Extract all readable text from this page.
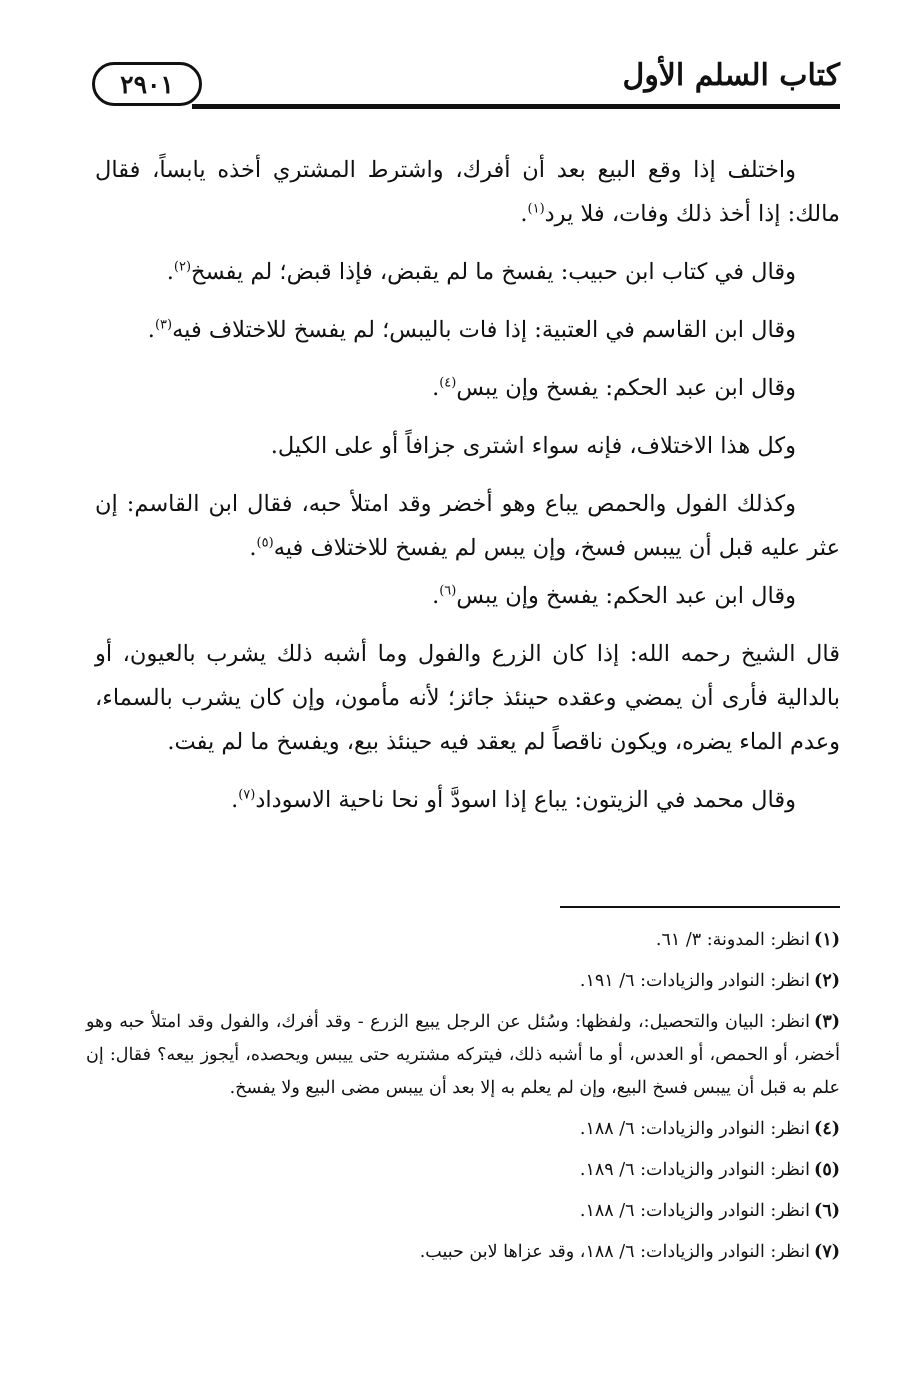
٢٩٠١	كتاب السلم الأول

واختلف إذا وقع البيع بعد أن أفرك، واشترط المشتري أخذه يابساً، فقال مالك: إذا أخذ ذلك وفات، فلا يرد$^{(١)}$.

وقال في كتاب ابن حبيب: يفسخ ما لم يقبض، فإذا قبض؛ لم يفسخ$^{(٢)}$.

وقال ابن القاسم في العتبية: إذا فات باليبس؛ لم يفسخ للاختلاف فيه$^{(٣)}$.

وقال ابن عبد الحكم: يفسخ وإن يبس$^{(٤)}$.

وكل هذا الاختلاف، فإنه سواء اشترى جزافاً أو على الكيل.

وكذلك الفول والحمص يباع وهو أخضر وقد امتلأ حبه، فقال ابن القاسم: إن عثر عليه قبل أن ييبس فسخ، وإن يبس لم يفسخ للاختلاف فيه$^{(٥)}$.

وقال ابن عبد الحكم: يفسخ وإن يبس$^{(٦)}$.

قال الشيخ رحمه الله: إذا كان الزرع والفول وما أشبه ذلك يشرب بالعيون، أو بالدالية فأرى أن يمضي وعقده حينئذ جائز؛ لأنه مأمون، وإن كان يشرب بالسماء، وعدم الماء يضره، ويكون ناقصاً لم يعقد فيه حينئذ بيع، ويفسخ ما لم يفت.

وقال محمد في الزيتون: يباع إذا اسودَّ أو نحا ناحية الاسوداد$^{(٧)}$.

(١)انظر: المدونة: ٣/ ٦١.
(٢)انظر: النوادر والزيادات: ٦/ ١٩١.
(٣)انظر: البيان والتحصيل:، ولفظها: وسُئل عن الرجل يبيع الزرع - وقد أفرك، والفول وقد امتلأ حبه وهو أخضر، أو الحمص، أو العدس، أو ما أشبه ذلك، فيتركه مشتريه حتى ييبس ويحصده، أيجوز بيعه؟ فقال: إن علم به قبل أن ييبس فسخ البيع، وإن لم يعلم به إلا بعد أن ييبس مضى البيع ولا يفسخ.
(٤)انظر: النوادر والزيادات: ٦/ ١٨٨.
(٥)انظر: النوادر والزيادات: ٦/ ١٨٩.
(٦)انظر: النوادر والزيادات: ٦/ ١٨٨.
(٧)انظر: النوادر والزيادات: ٦/ ١٨٨، وقد عزاها لابن حبيب.
